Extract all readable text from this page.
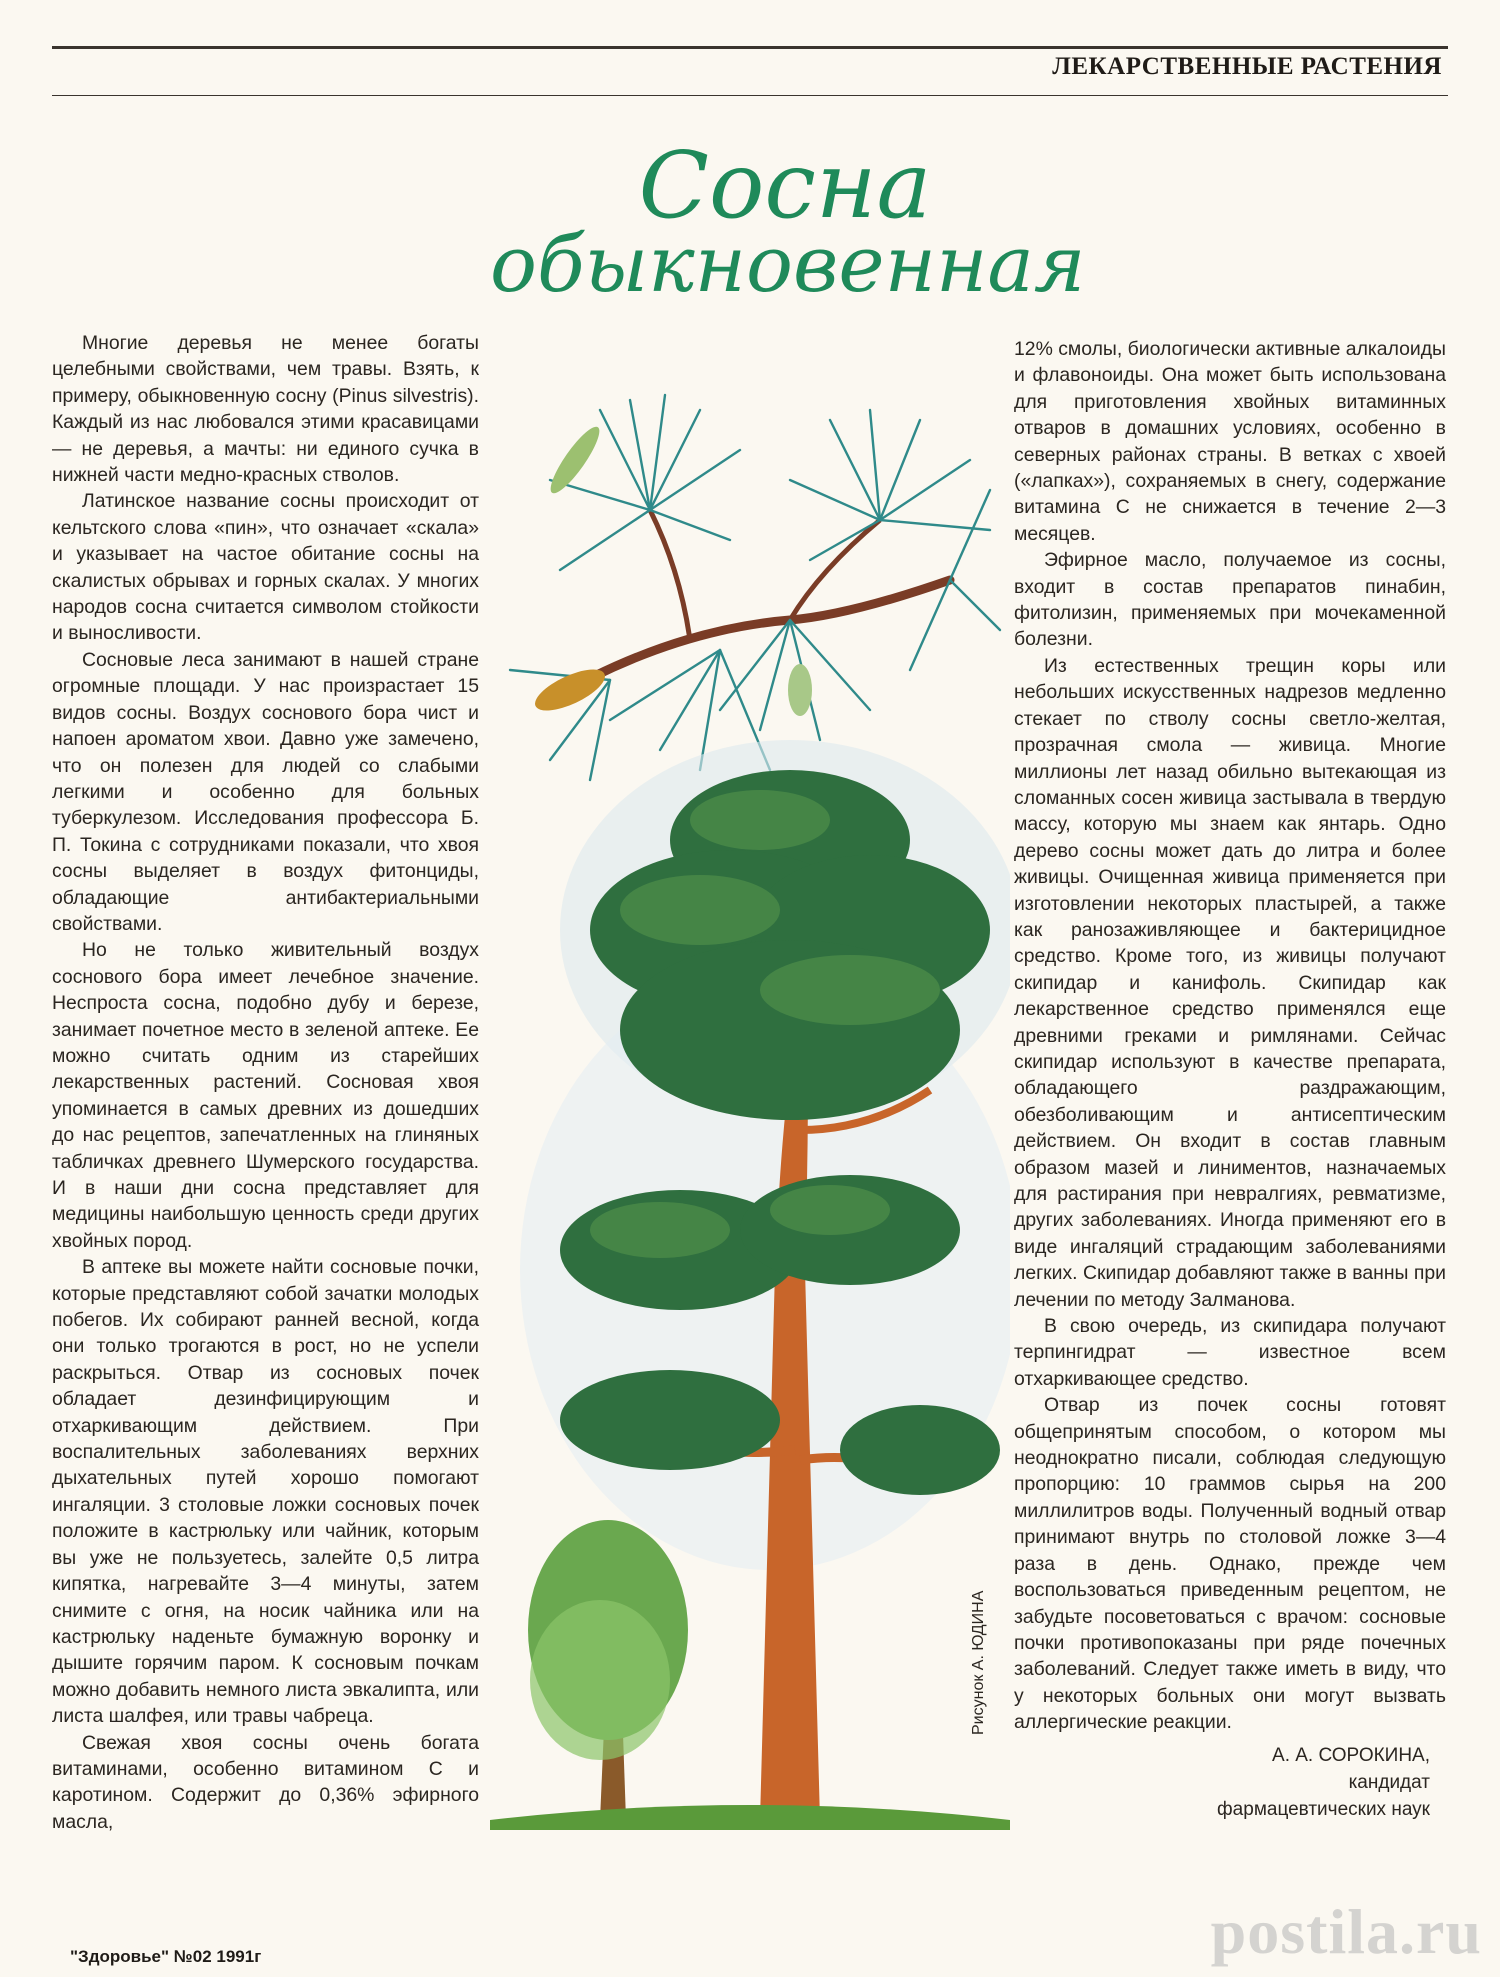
ЛЕКАРСТВЕННЫЕ РАСТЕНИЯ
Сосна
обыкновенная

Многие деревья не менее богаты целебными свойствами, чем травы. Взять, к примеру, обыкновенную сосну (Pinus silvestris). Каждый из нас любовался этими красавицами — не деревья, а мачты: ни единого сучка в нижней части медно-красных стволов.

Латинское название сосны происходит от кельтского слова «пин», что означает «скала» и указывает на частое обитание сосны на скалистых обрывах и горных скалах. У многих народов сосна считается символом стойкости и выносливости.

Сосновые леса занимают в нашей стране огромные площади. У нас произрастает 15 видов сосны. Воздух соснового бора чист и напоен ароматом хвои. Давно уже замечено, что он полезен для людей со слабыми легкими и особенно для больных туберкулезом. Исследования профессора Б. П. Токина с сотрудниками показали, что хвоя сосны выделяет в воздух фитонциды, обладающие антибактериальными свойствами.

Но не только живительный воздух соснового бора имеет лечебное значение. Неспроста сосна, подобно дубу и березе, занимает почетное место в зеленой аптеке. Ее можно считать одним из старейших лекарственных растений. Сосновая хвоя упоминается в самых древних из дошедших до нас рецептов, запечатленных на глиняных табличках древнего Шумерского государства. И в наши дни сосна представляет для медицины наибольшую ценность среди других хвойных пород.

В аптеке вы можете найти сосновые почки, которые представляют собой зачатки молодых побегов. Их собирают ранней весной, когда они только трогаются в рост, но не успели раскрыться. Отвар из сосновых почек обладает дезинфицирующим и отхаркивающим действием. При воспалительных заболеваниях верхних дыхательных путей хорошо помогают ингаляции. 3 столовые ложки сосновых почек положите в кастрюльку или чайник, которым вы уже не пользуетесь, залейте 0,5 литра кипятка, нагревайте 3—4 минуты, затем снимите с огня, на носик чайника или на кастрюльку наденьте бумажную воронку и дышите горячим паром. К сосновым почкам можно добавить немного листа эвкалипта, или листа шалфея, или травы чабреца.

Свежая хвоя сосны очень богата витаминами, особенно витамином С и каротином. Содержит до 0,36% эфирного масла,

12% смолы, биологически активные алкалоиды и флавоноиды. Она может быть использована для приготовления хвойных витаминных отваров в домашних условиях, особенно в северных районах страны. В ветках с хвоей («лапках»), сохраняемых в снегу, содержание витамина С не снижается в течение 2—3 месяцев.

Эфирное масло, получаемое из сосны, входит в состав препаратов пинабин, фитолизин, применяемых при мочекаменной болезни.

Из естественных трещин коры или небольших искусственных надрезов медленно стекает по стволу сосны светло-желтая, прозрачная смола — живица. Многие миллионы лет назад обильно вытекающая из сломанных сосен живица застывала в твердую массу, которую мы знаем как янтарь. Одно дерево сосны может дать до литра и более живицы. Очищенная живица применяется при изготовлении некоторых пластырей, а также как ранозаживляющее и бактерицидное средство. Кроме того, из живицы получают скипидар и канифоль. Скипидар как лекарственное средство применялся еще древними греками и римлянами. Сейчас скипидар используют в качестве препарата, обладающего раздражающим, обезболивающим и антисептическим действием. Он входит в состав главным образом мазей и линиментов, назначаемых для растирания при невралгиях, ревматизме, других заболеваниях. Иногда применяют его в виде ингаляций страдающим заболеваниями легких. Скипидар добавляют также в ванны при лечении по методу Залманова.

В свою очередь, из скипидара получают терпингидрат — известное всем отхаркивающее средство.

Отвар из почек сосны готовят общепринятым способом, о котором мы неоднократно писали, соблюдая следующую пропорцию: 10 граммов сырья на 200 миллилитров воды. Полученный водный отвар принимают внутрь по столовой ложке 3—4 раза в день. Однако, прежде чем воспользоваться приведенным рецептом, не забудьте посоветоваться с врачом: сосновые почки противопоказаны при ряде почечных заболеваний. Следует также иметь в виду, что у некоторых больных они могут вызвать аллергические реакции.

Рисунок А. ЮДИНА
А. А. СОРОКИНА,
кандидат
фармацевтических наук
"Здоровье" №02 1991г	postila.ru
